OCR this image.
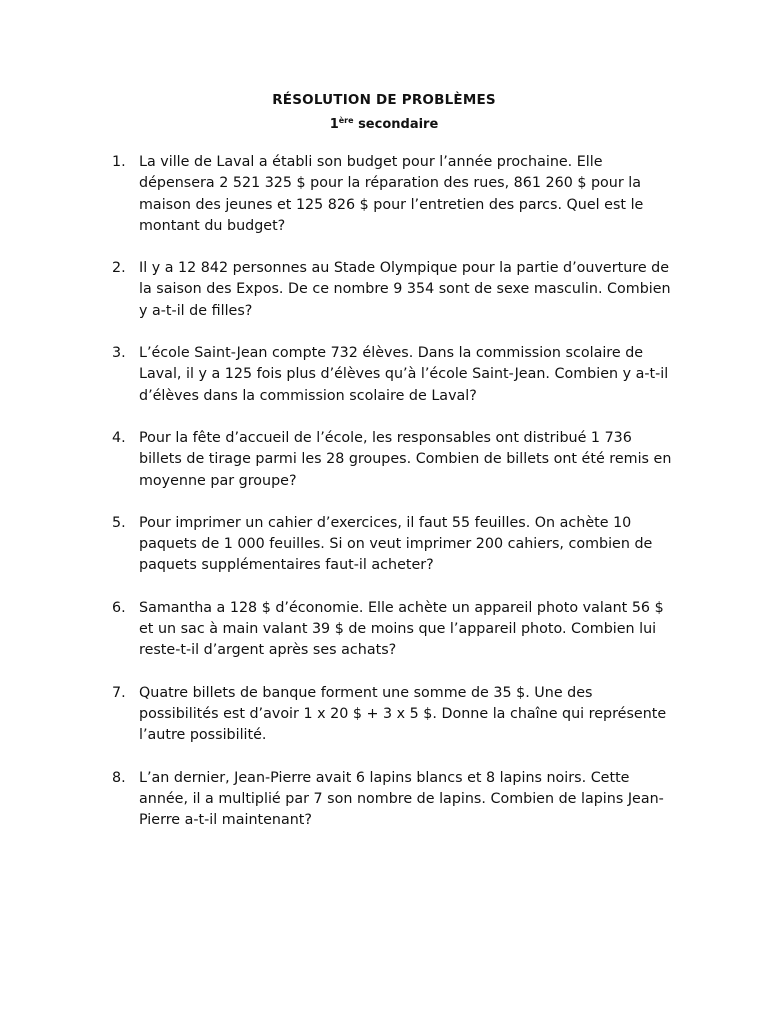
RÉSOLUTION DE PROBLÈMES
1ère secondaire
1. La ville de Laval a établi son budget pour l’année prochaine. Elle dépensera 2 521 325 $ pour la réparation des rues, 861 260 $ pour la maison des jeunes et 125 826 $ pour l’entretien des parcs. Quel est le montant du budget?
2. Il y a 12 842 personnes au Stade Olympique pour la partie d’ouverture de la saison des Expos. De ce nombre 9 354 sont de sexe masculin. Combien y a-t-il de filles?
3. L’école Saint-Jean compte 732 élèves. Dans la commission scolaire de Laval, il y a 125 fois plus d’élèves qu’à l’école Saint-Jean. Combien y a-t-il d’élèves dans la commission scolaire de Laval?
4. Pour la fête d’accueil de l’école, les responsables ont distribué 1 736 billets de tirage parmi les 28 groupes. Combien de billets ont été remis en moyenne par groupe?
5. Pour imprimer un cahier d’exercices, il faut 55 feuilles. On achète 10 paquets de 1 000 feuilles. Si on veut imprimer 200 cahiers, combien de paquets supplémentaires faut-il acheter?
6. Samantha a 128 $ d’économie. Elle achète un appareil photo valant 56 $ et un sac à main valant 39 $ de moins que l’appareil photo. Combien lui reste-t-il d’argent après ses achats?
7. Quatre billets de banque forment une somme de 35 $. Une des possibilités est d’avoir 1 x 20 $ + 3 x 5 $. Donne la chaîne qui représente l’autre possibilité.
8. L’an dernier, Jean-Pierre avait 6 lapins blancs et 8 lapins noirs. Cette année, il a multiplié par 7 son nombre de lapins. Combien de lapins Jean-Pierre a-t-il maintenant?
